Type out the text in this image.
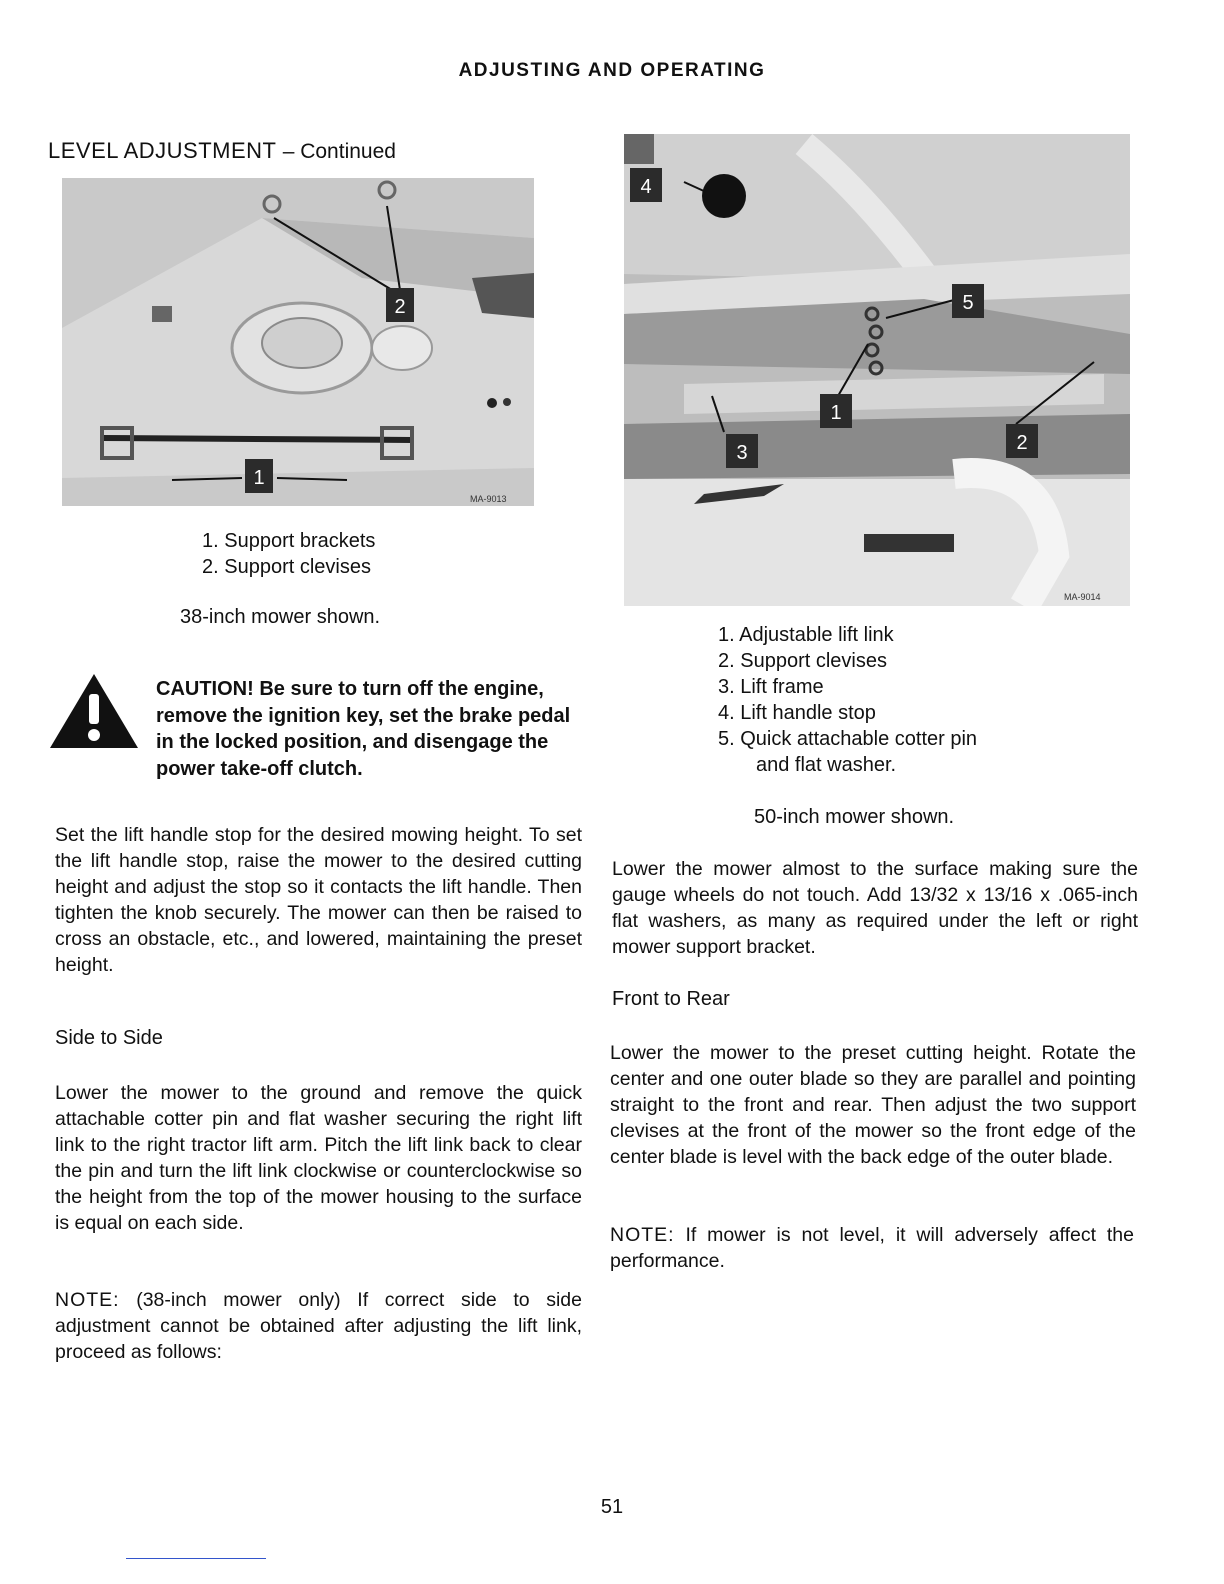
ADJUSTING AND OPERATING
LEVEL ADJUSTMENT – Continued
2
1
MA-9013
1. Support brackets
2. Support clevises
38-inch mower shown.
CAUTION! Be sure to turn off the engine, remove the ignition key, set the brake pedal in the locked position, and disengage the power take-off clutch.
Set the lift handle stop for the desired mowing height. To set the lift handle stop, raise the mower to the desired cutting height and adjust the stop so it contacts the lift handle. Then tighten the knob securely. The mower can then be raised to cross an obstacle, etc., and lowered, maintaining the preset height.
Side to Side
Lower the mower to the ground and remove the quick attachable cotter pin and flat washer securing the right lift link to the right tractor lift arm. Pitch the lift link back to clear the pin and turn the lift link clockwise or counterclockwise so the height from the top of the mower housing to the surface is equal on each side.
NOTE: (38-inch mower only) If correct side to side adjustment cannot be obtained after adjusting the lift link, proceed as follows:
4
5
1
3	2
MA-9014
1. Adjustable lift link
2. Support clevises
3. Lift frame
4. Lift handle stop
5. Quick attachable cotter pin
and flat washer.
50-inch mower shown.
Lower the mower almost to the surface making sure the gauge wheels do not touch. Add 13/32 x 13/16 x .065-inch flat washers, as many as required under the left or right mower support bracket.
Front to Rear
Lower the mower to the preset cutting height. Rotate the center and one outer blade so they are parallel and pointing straight to the front and rear. Then adjust the two support clevises at the front of the mower so the front edge of the center blade is level with the back edge of the outer blade.
NOTE: If mower is not level, it will adversely affect the performance.
51
